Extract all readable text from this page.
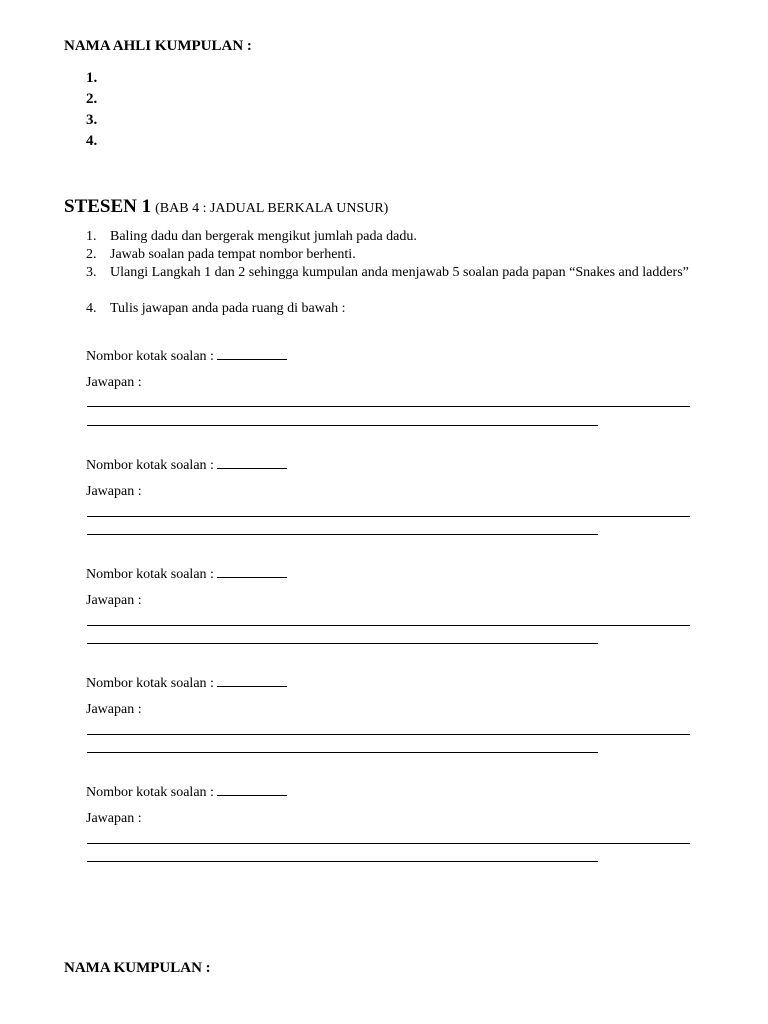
NAMA AHLI KUMPULAN :
1.
2.
3.
4.
STESEN 1 (BAB 4 : JADUAL BERKALA UNSUR)
1. Baling dadu dan bergerak mengikut jumlah pada dadu.
2. Jawab soalan pada tempat nombor berhenti.
3. Ulangi Langkah 1 dan 2 sehingga kumpulan anda menjawab 5 soalan pada papan “Snakes and ladders”
4. Tulis jawapan anda pada ruang di bawah :
Nombor kotak soalan :
Jawapan :
Nombor kotak soalan :
Jawapan :
Nombor kotak soalan :
Jawapan :
Nombor kotak soalan :
Jawapan :
Nombor kotak soalan :
Jawapan :
NAMA KUMPULAN :
